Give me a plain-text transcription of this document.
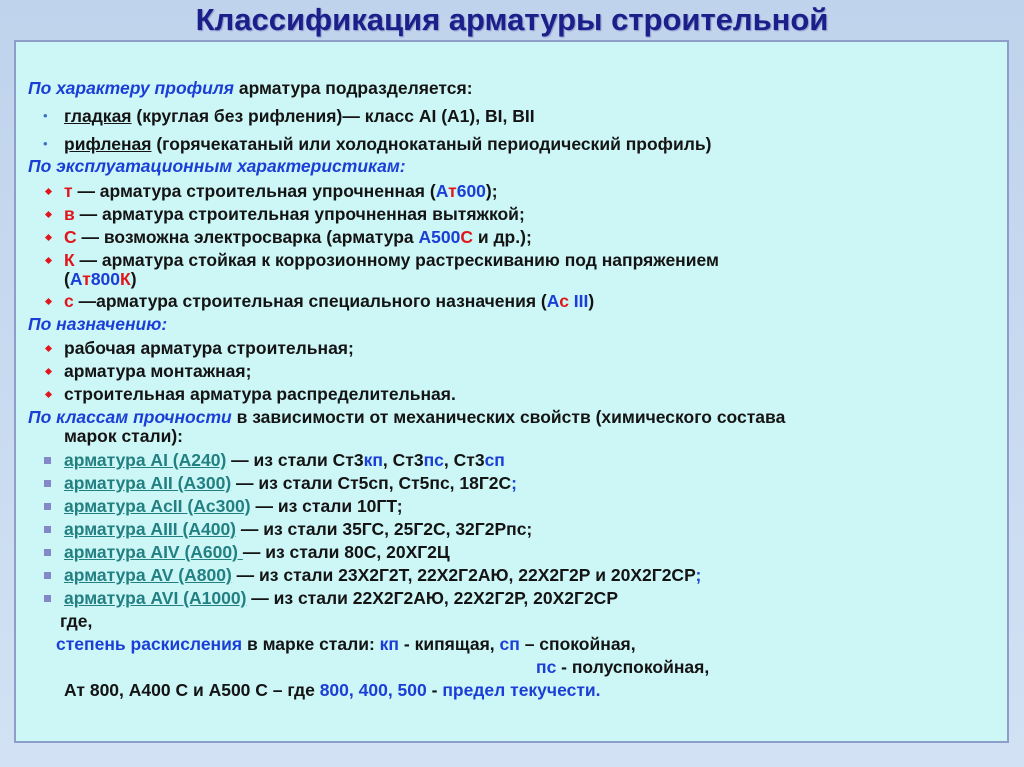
Классификация арматуры строительной
По характеру профиля арматура подразделяется:
• гладкая (круглая без рифления)— класс AI (A1), BI, BII
• рифленая (горячекатаный или холоднокатаный периодический профиль)
По эксплуатационным характеристикам:
т — арматура строительная упрочненная (Ат600);
в — арматура строительная упрочненная вытяжкой;
С — возможна электросварка (арматура А500С и др.);
К — арматура стойкая к коррозионному растрескиванию под напряжением
(Ат800К)
с —арматура строительная специального назначения (Ас III)
По назначению:
рабочая арматура строительная;
арматура монтажная;
строительная арматура распределительная.
По классам прочности в зависимости от механических свойств (химического состава
марок стали):
арматура AI (A240) — из стали Ст3кп, Ст3пс, Ст3сп
арматура AII (A300) — из стали Ст5сп, Ст5пс, 18Г2С;
арматура AcII (Ac300) — из стали 10ГТ;
арматура AIII (A400) — из стали 35ГС, 25Г2С, 32Г2Рпс;
арматура AIV (A600) — из стали 80С, 20ХГ2Ц
арматура AV (A800) — из стали 23Х2Г2Т, 22Х2Г2АЮ, 22Х2Г2Р и 20Х2Г2СР;
арматура AVI (A1000) — из стали 22Х2Г2АЮ, 22Х2Г2Р, 20Х2Г2СР
где,
степень раскисления в марке стали: кп - кипящая, сп – спокойная,
пс - полуспокойная,
Ат 800, А400 С и А500 С – где 800, 400, 500 - предел текучести.
